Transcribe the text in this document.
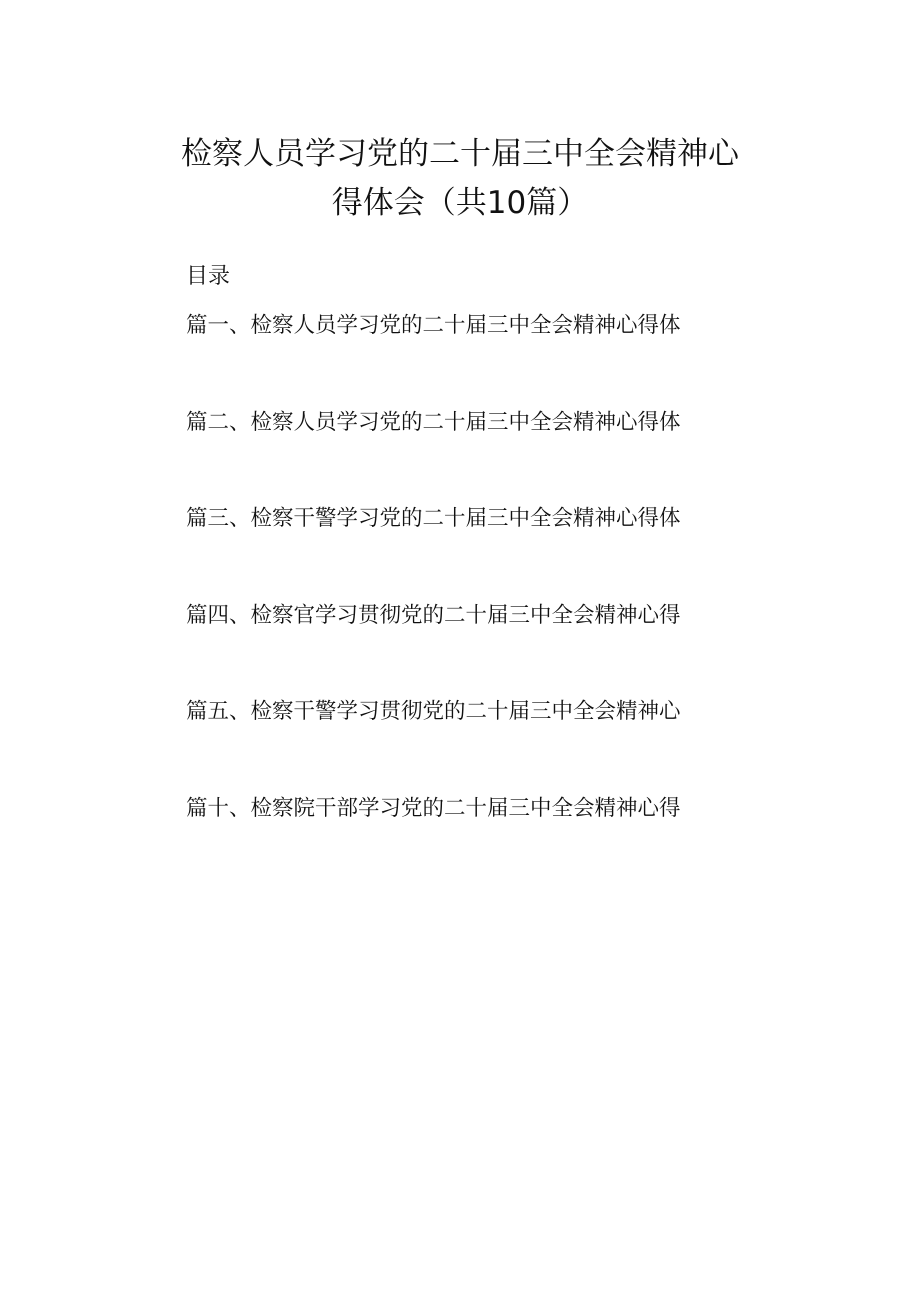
检察人员学习党的二十届三中全会精神心
得体会（共10篇）
目录
篇一、检察人员学习党的二十届三中全会精神心得体
篇二、检察人员学习党的二十届三中全会精神心得体
篇三、检察干警学习党的二十届三中全会精神心得体
篇四、检察官学习贯彻党的二十届三中全会精神心得
篇五、检察干警学习贯彻党的二十届三中全会精神心
篇十、检察院干部学习党的二十届三中全会精神心得
